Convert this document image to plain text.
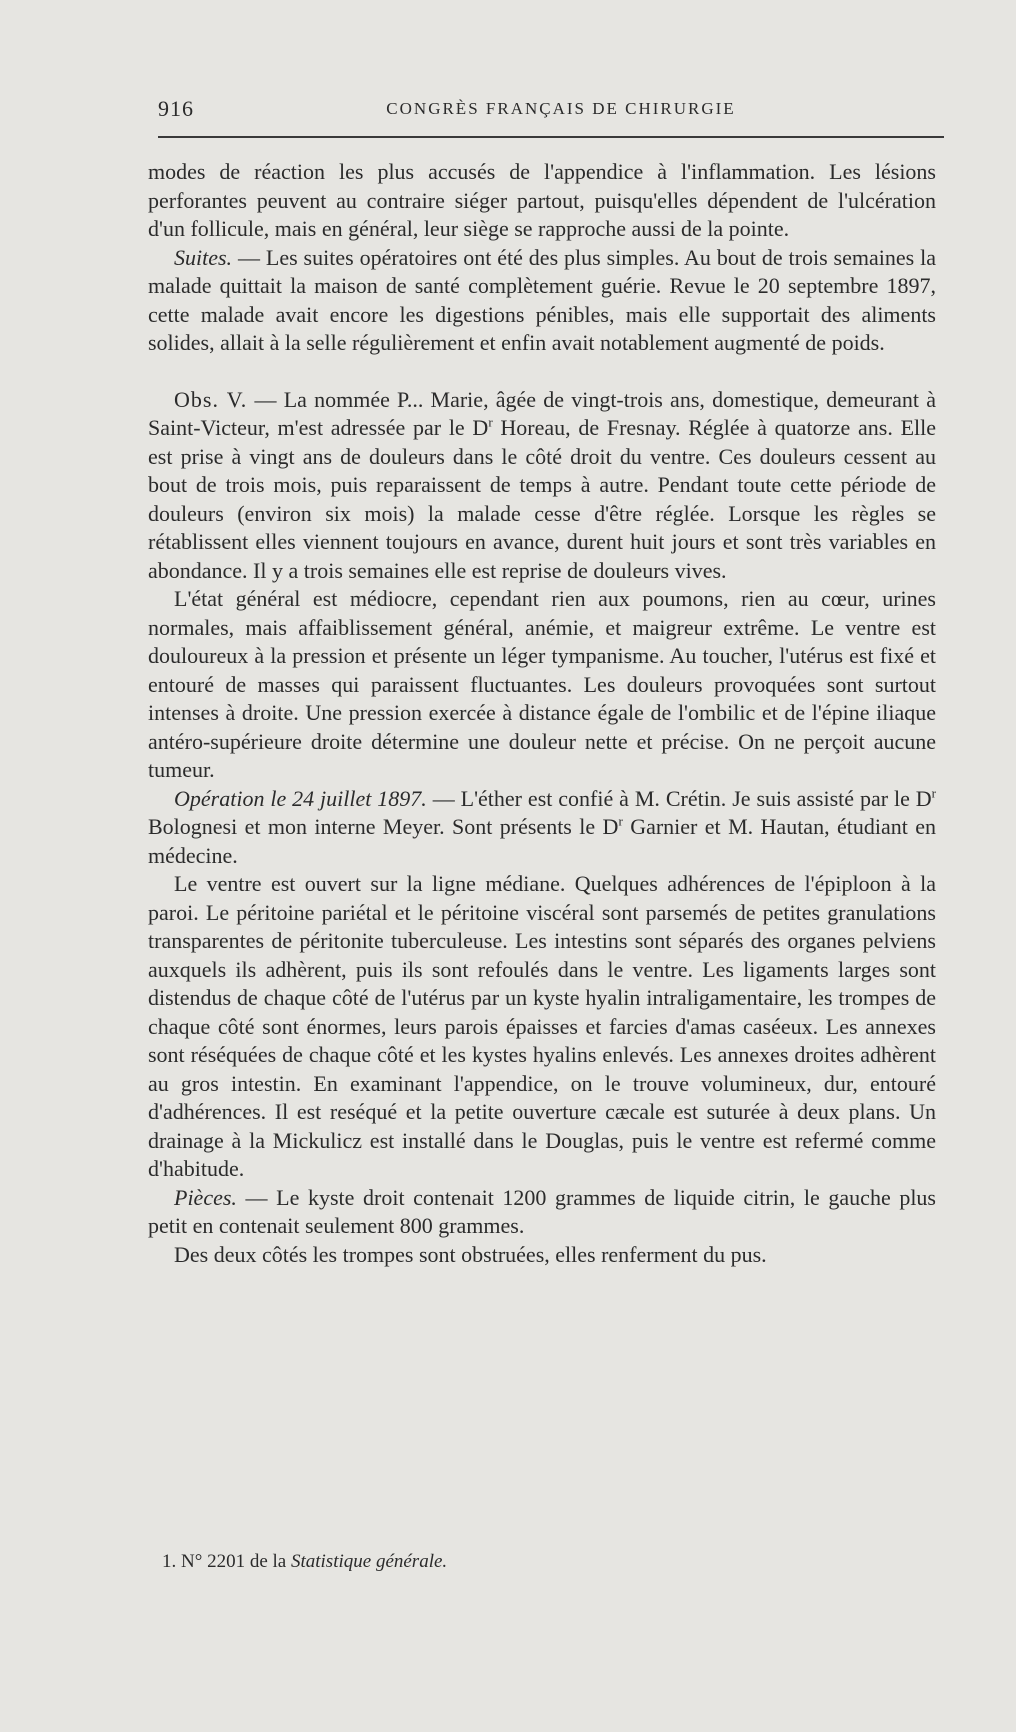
916	CONGRÈS FRANÇAIS DE CHIRURGIE

modes de réaction les plus accusés de l'appendice à l'inflammation. Les lésions perforantes peuvent au contraire siéger partout, puisqu'elles dépendent de l'ulcération d'un follicule, mais en général, leur siège se rapproche aussi de la pointe.

Suites. — Les suites opératoires ont été des plus simples. Au bout de trois semaines la malade quittait la maison de santé complètement guérie. Revue le 20 septembre 1897, cette malade avait encore les digestions pénibles, mais elle supportait des aliments solides, allait à la selle régulièrement et enfin avait notablement augmenté de poids.

Obs. V. — La nommée P... Marie, âgée de vingt-trois ans, domestique, demeurant à Saint-Victeur, m'est adressée par le $D^r$ Horeau, de Fresnay. Réglée à quatorze ans. Elle est prise à vingt ans de douleurs dans le côté droit du ventre. Ces douleurs cessent au bout de trois mois, puis reparaissent de temps à autre. Pendant toute cette période de douleurs (environ six mois) la malade cesse d'être réglée. Lorsque les règles se rétablissent elles viennent toujours en avance, durent huit jours et sont très variables en abondance. Il y a trois semaines elle est reprise de douleurs vives.

L'état général est médiocre, cependant rien aux poumons, rien au cœur, urines normales, mais affaiblissement général, anémie, et maigreur extrême. Le ventre est douloureux à la pression et présente un léger tympanisme. Au toucher, l'utérus est fixé et entouré de masses qui paraissent fluctuantes. Les douleurs provoquées sont surtout intenses à droite. Une pression exercée à distance égale de l'ombilic et de l'épine iliaque antéro-supérieure droite détermine une douleur nette et précise. On ne perçoit aucune tumeur.

Opération le 24 juillet 1897. — L'éther est confié à M. Crétin. Je suis assisté par le $D^r$ Bolognesi et mon interne Meyer. Sont présents le $D^r$ Garnier et M. Hautan, étudiant en médecine.

Le ventre est ouvert sur la ligne médiane. Quelques adhérences de l'épiploon à la paroi. Le péritoine pariétal et le péritoine viscéral sont parsemés de petites granulations transparentes de péritonite tuberculeuse. Les intestins sont séparés des organes pelviens auxquels ils adhèrent, puis ils sont refoulés dans le ventre. Les ligaments larges sont distendus de chaque côté de l'utérus par un kyste hyalin intraligamentaire, les trompes de chaque côté sont énormes, leurs parois épaisses et farcies d'amas caséeux. Les annexes sont réséquées de chaque côté et les kystes hyalins enlevés. Les annexes droites adhèrent au gros intestin. En examinant l'appendice, on le trouve volumineux, dur, entouré d'adhérences. Il est reséqué et la petite ouverture cæcale est suturée à deux plans. Un drainage à la Mickulicz est installé dans le Douglas, puis le ventre est refermé comme d'habitude.

Pièces. — Le kyste droit contenait 1200 grammes de liquide citrin, le gauche plus petit en contenait seulement 800 grammes.

Des deux côtés les trompes sont obstruées, elles renferment du pus.

1. N° 2201 de la Statistique générale.
